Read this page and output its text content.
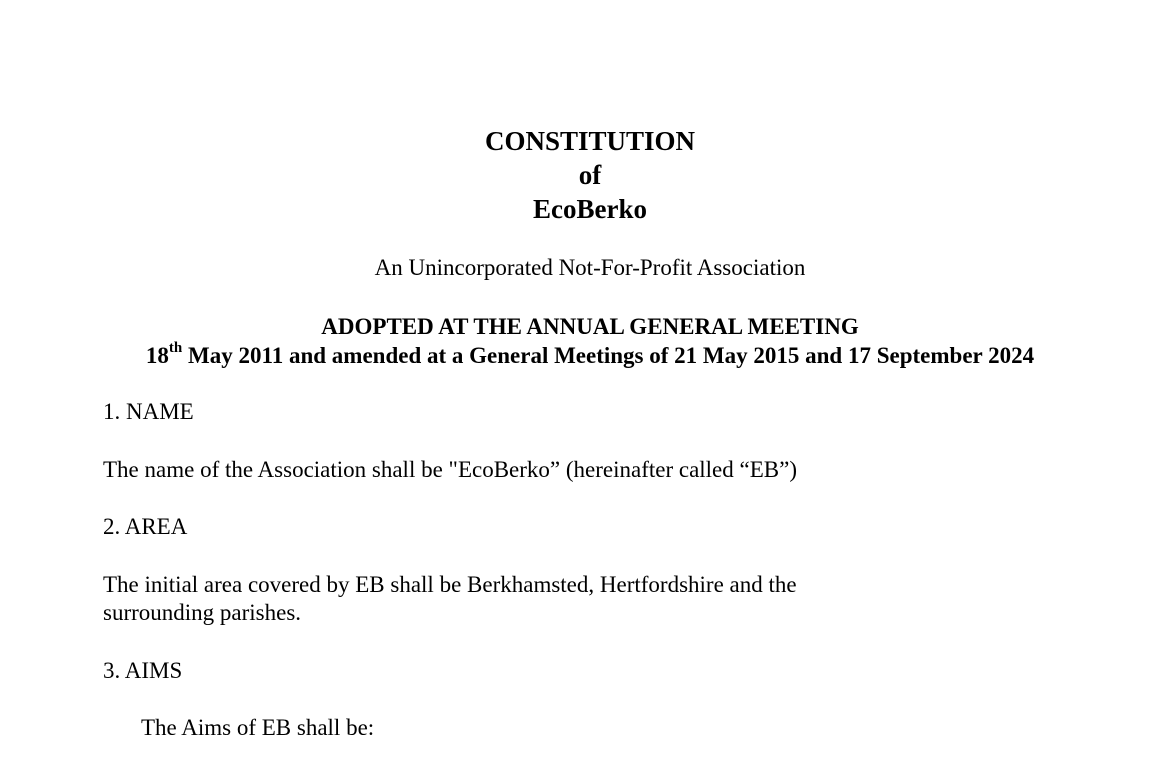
CONSTITUTION
of
EcoBerko
An Unincorporated Not-For-Profit Association
ADOPTED AT THE ANNUAL GENERAL MEETING
18th May 2011 and amended at a General Meetings of 21 May 2015 and 17 September 2024
1. NAME
The name of the Association shall be "EcoBerko” (hereinafter called “EB”)
2. AREA
The initial area covered by EB shall be Berkhamsted, Hertfordshire and the
surrounding parishes.
3. AIMS
The Aims of EB shall be:
